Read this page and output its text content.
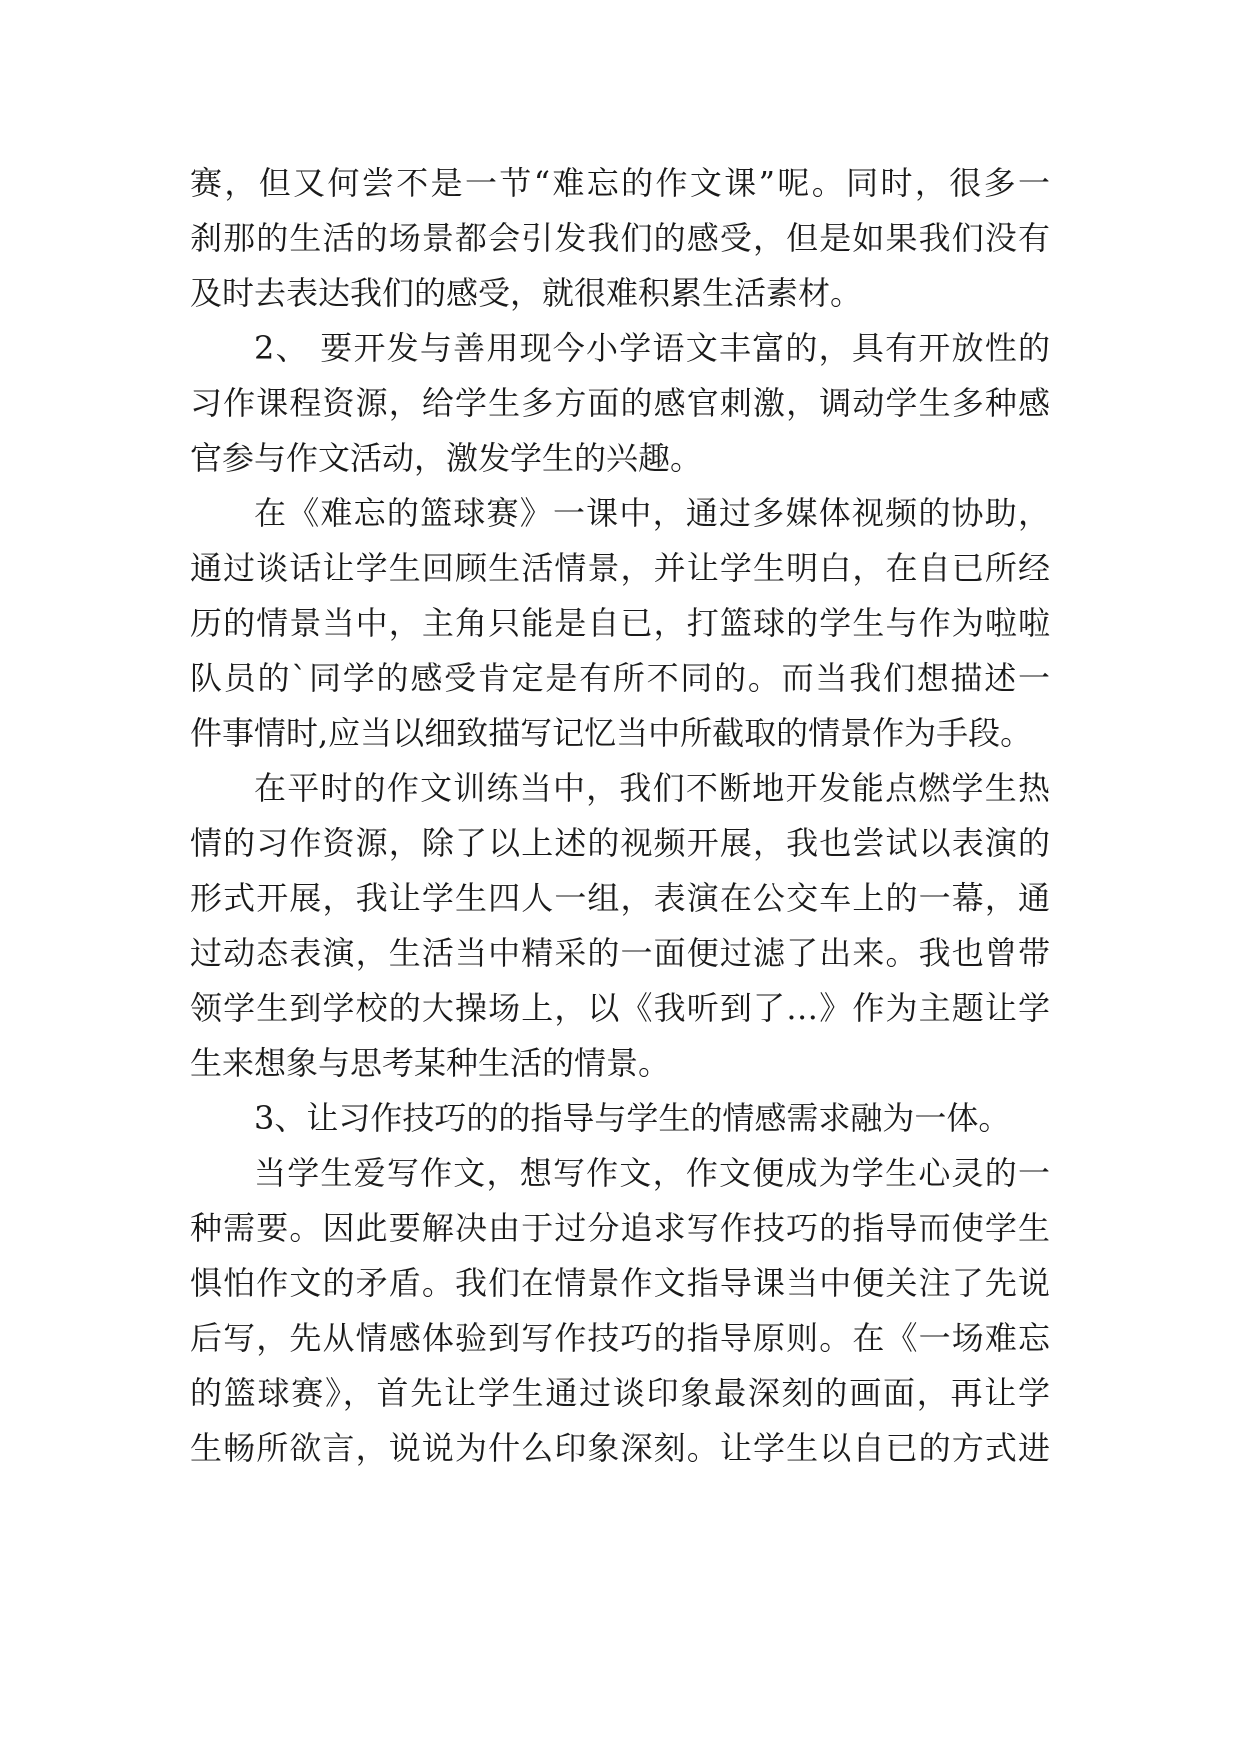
赛，但又何尝不是一节“难忘的作文课”呢。同时，很多一
刹那的生活的场景都会引发我们的感受，但是如果我们没有
及时去表达我们的感受，就很难积累生活素材。
2、 要开发与善用现今小学语文丰富的，具有开放性的
习作课程资源，给学生多方面的感官刺激，调动学生多种感
官参与作文活动，激发学生的兴趣。
在《难忘的篮球赛》一课中，通过多媒体视频的协助，
通过谈话让学生回顾生活情景，并让学生明白，在自已所经
历的情景当中，主角只能是自已，打篮球的学生与作为啦啦
队员的`同学的感受肯定是有所不同的。而当我们想描述一
件事情时,应当以细致描写记忆当中所截取的情景作为手段。
在平时的作文训练当中，我们不断地开发能点燃学生热
情的习作资源，除了以上述的视频开展，我也尝试以表演的
形式开展，我让学生四人一组，表演在公交车上的一幕，通
过动态表演，生活当中精采的一面便过滤了出来。我也曾带
领学生到学校的大操场上，以《我听到了…》作为主题让学
生来想象与思考某种生活的情景。
3、让习作技巧的的指导与学生的情感需求融为一体。
当学生爱写作文，想写作文，作文便成为学生心灵的一
种需要。因此要解决由于过分追求写作技巧的指导而使学生
惧怕作文的矛盾。我们在情景作文指导课当中便关注了先说
后写，先从情感体验到写作技巧的指导原则。在《一场难忘
的篮球赛》，首先让学生通过谈印象最深刻的画面，再让学
生畅所欲言，说说为什么印象深刻。让学生以自已的方式进
